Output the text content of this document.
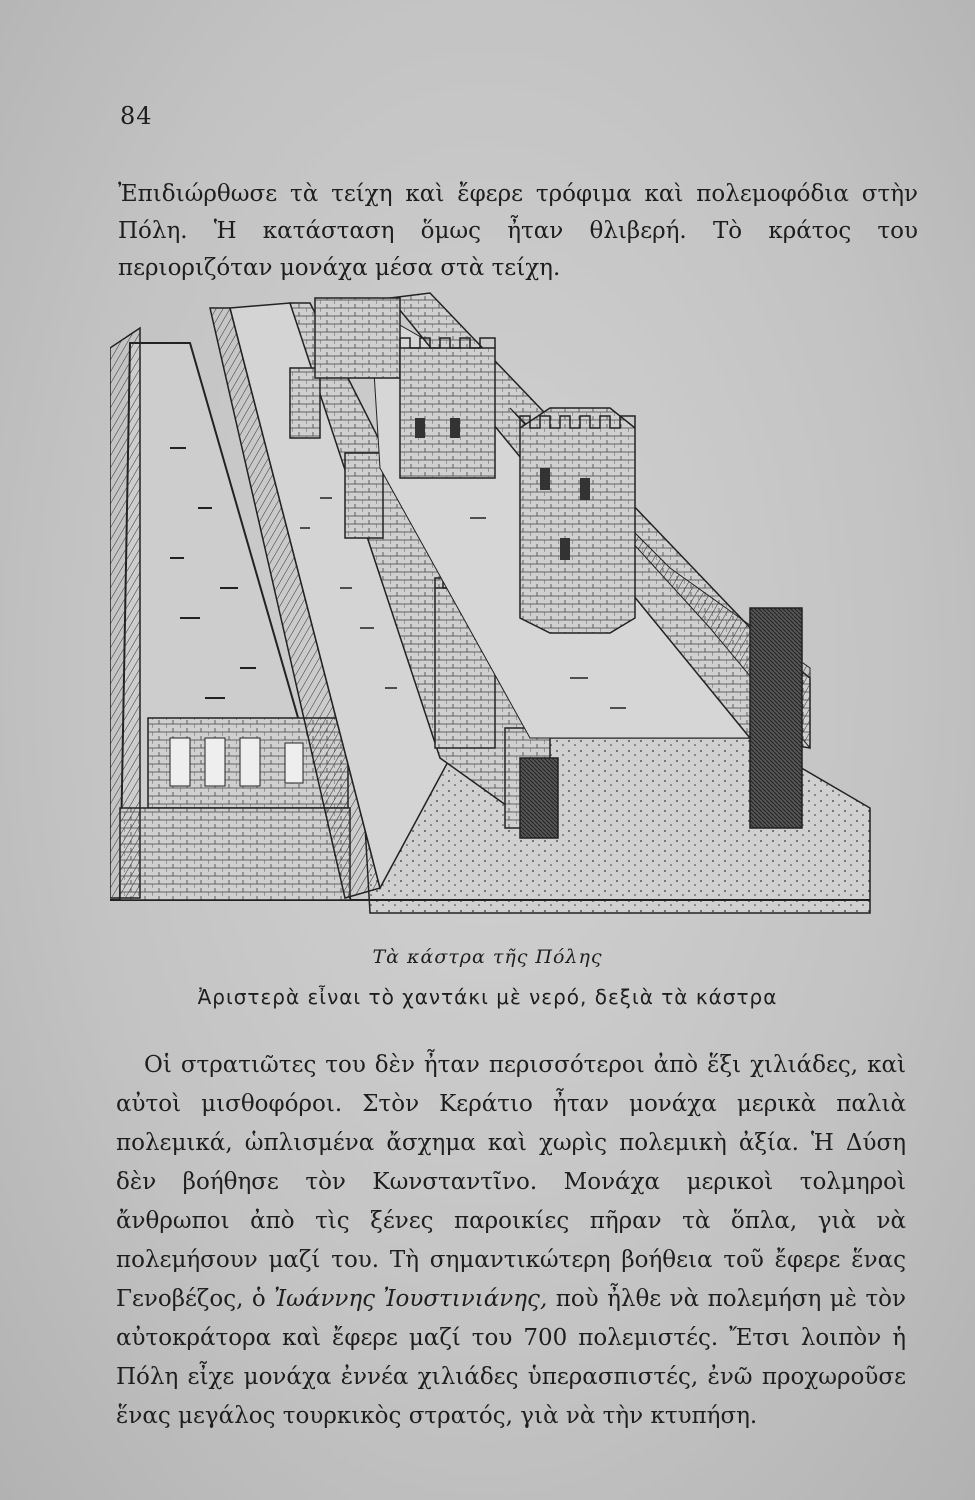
84

Ἐπιδιώρθωσε τὰ τείχη καὶ ἔφερε τρόφιμα καὶ πολεμοφόδια στὴν Πόλη. Ἡ κατάσταση ὅμως ἦταν θλιβερή. Τὸ κράτος του περιοριζόταν μονάχα μέσα στὰ τείχη.

Τὰ κάστρα τῆς Πόλης
Ἀριστερὰ εἶναι τὸ χαντάκι μὲ νερό, δεξιὰ τὰ κάστρα

Οἱ στρατιῶτες του δὲν ἦταν περισσότεροι ἀπὸ ἕξι χιλιάδες, καὶ αὐτοὶ μισθοφόροι. Στὸν Κεράτιο ἦταν μονάχα μερικὰ παλιὰ πολεμικά, ὡπλισμένα ἄσχημα καὶ χωρὶς πολεμικὴ ἀξία. Ἡ Δύση δὲν βοήθησε τὸν Κωνσταντῖνο. Μονάχα μερικοὶ τολμηροὶ ἄνθρωποι ἀπὸ τὶς ξένες παροικίες πῆραν τὰ ὅπλα, γιὰ νὰ πολεμήσουν μαζί του. Τὴ σημαντικώτερη βοήθεια τοῦ ἔφερε ἕνας Γενοβέζος, ὁ Ἰωάννης Ἰουστινιάνης, ποὺ ἦλθε νὰ πολεμήση μὲ τὸν αὐτοκράτορα καὶ ἔφερε μαζί του 700 πολεμιστές. Ἔτσι λοιπὸν ἡ Πόλη εἶχε μονάχα ἐννέα χιλιάδες ὑπερασπιστές, ἐνῶ προχωροῦσε ἕνας μεγάλος τουρκικὸς στρατός, γιὰ νὰ τὴν κτυπήση.
